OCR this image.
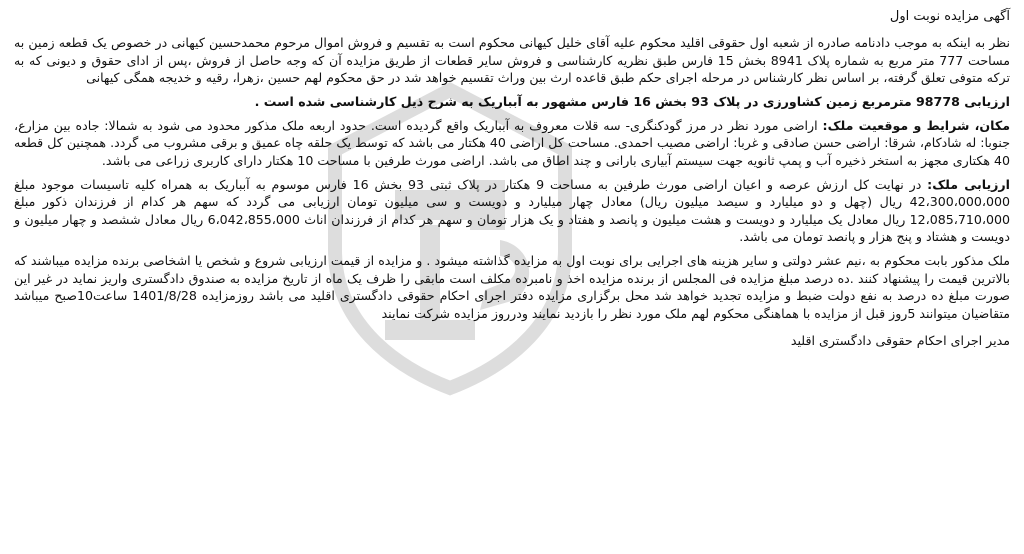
آگهی مزایده نوبت اول

نظر به اینکه به موجب دادنامه صادره از شعبه اول حقوقی اقلید محکوم علیه آقای خلیل کیهانی محکوم است به تقسیم و فروش اموال مرحوم محمدحسین کیهانی در خصوص یک قطعه زمین به مساحت 777 متر مربع به شماره پلاک 8941 بخش 15 فارس طبق نظریه کارشناسی و فروش سایر قطعات از طریق مزایده آن که وجه حاصل از فروش ،پس از ادای حقوق و دیونی که به ترکه متوفی تعلق گرفته، بر اساس نظر کارشناس در مرحله اجرای حکم طبق قاعده ارث بین وراث تقسیم خواهد شد در حق محکوم لهم حسین ،زهرا، رقیه و خدیجه همگی کیهانی

ارزیابی 98778 مترمربع زمین کشاورزی در پلاک 93 بخش 16 فارس مشهور به آبباریک به شرح ذیل کارشناسی شده است .

مکان، شرایط و موقعیت ملک: اراضی مورد نظر در مرز گودکنگری- سه قلات معروف به آبباریک واقع گردیده است. حدود اربعه ملک مذکور محدود می شود به شمالا: جاده بین مزارع، جنوبا: له شادکام، شرقا: اراضی حسن صادقی و غربا: اراضی مصیب احمدی. مساحت کل اراضی 40 هکتار می باشد که توسط یک حلقه چاه عمیق و برقی مشروب می گردد. همچنین کل قطعه 40 هکتاری مجهز به استخر ذخیره آب و پمپ ثانویه جهت سیستم آبیاری بارانی و چند اطاق می باشد. اراضی مورث طرفین با مساحت 10 هکتار دارای کاربری زراعی می باشد.

ارزیابی ملک: در نهایت کل ارزش عرصه و اعیان اراضی مورث طرفین به مساحت 9 هکتار در پلاک ثبتی 93 بخش 16 فارس موسوم به آبباریک به همراه کلیه تاسیسات موجود مبلغ 42،300،000،000 ریال (چهل و دو میلیارد و سیصد میلیون ریال) معادل چهار میلیارد و دویست و سی میلیون تومان ارزیابی می گردد که سهم هر کدام از فرزندان ذکور مبلغ 12،085،710،000 ریال معادل یک میلیارد و دویست و هشت میلیون و پانصد و هفتاد و یک هزار تومان و سهم هر کدام از فرزندان اناث 6،042،855،000 ریال معادل ششصد و چهار میلیون و دویست و هشتاد و پنج هزار و پانصد تومان می باشد.

ملک مذکور بابت محکوم به ،نیم عشر دولتی و سایر هزینه های اجرایی برای نوبت اول به مزایده گذاشته میشود . و مزایده از قیمت ارزیابی شروع و شخص یا اشخاصی برنده مزایده میباشند که بالاترین قیمت را پیشنهاد کنند .ده درصد مبلغ مزایده فی المجلس از برنده مزایده اخذ و نامبرده مکلف است مابقی را ظرف یک ماه از تاریخ مزایده به صندوق دادگستری واریز نماید در غیر این صورت مبلغ ده درصد به نفع دولت ضبط و مزایده تجدید خواهد شد محل برگزاری مزایده دفتر اجرای احکام حقوقی دادگستری اقلید می باشد روزمزایده 1401/8/28 ساعت10صبح میباشد متقاضیان میتوانند 5روز قبل از مزایده با هماهنگی محکوم لهم ملک مورد نظر را بازدید نمایند ودرروز مزایده شرکت نمایند

مدیر اجرای احکام حقوقی دادگستری اقلید
